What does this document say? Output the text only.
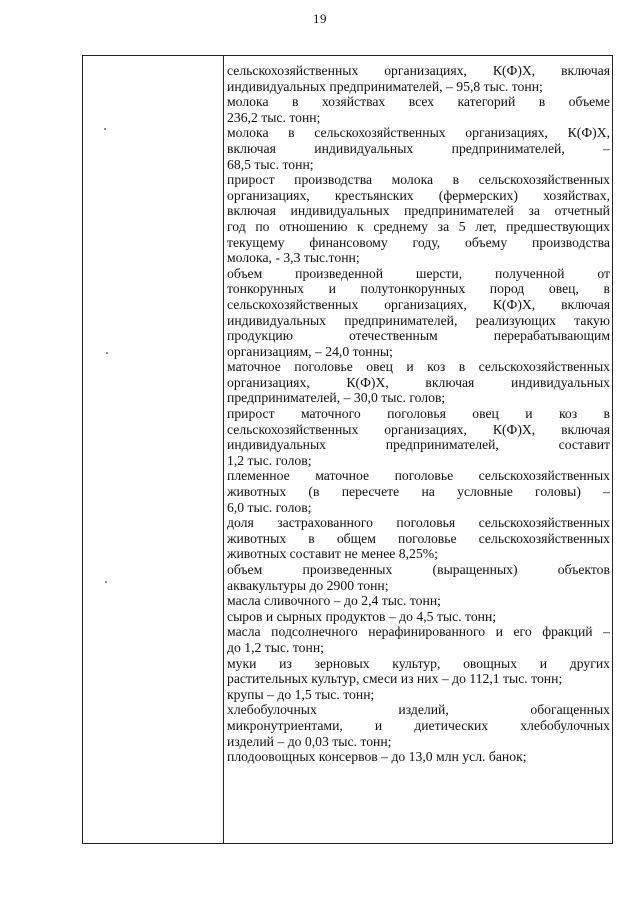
19
сельскохозяйственных организациях, К(Ф)Х, включая
индивидуальных предпринимателей, – 95,8 тыс. тонн;
молока в хозяйствах всех категорий в объеме
236,2 тыс. тонн;
молока в сельскохозяйственных организациях, К(Ф)Х,
включая индивидуальных предпринимателей, –
68,5 тыс. тонн;
прирост производства молока в сельскохозяйственных
организациях, крестьянских (фермерских) хозяйствах,
включая индивидуальных предпринимателей за отчетный
год по отношению к среднему за 5 лет, предшествующих
текущему финансовому году, объему производства
молока, - 3,3 тыс.тонн;
объем произведенной шерсти, полученной от
тонкорунных и полутонкорунных пород овец, в
сельскохозяйственных организациях, К(Ф)Х, включая
индивидуальных предпринимателей, реализующих такую
продукцию отечественным перерабатывающим
организациям, – 24,0 тонны;
маточное поголовье овец и коз в сельскохозяйственных
организациях, К(Ф)Х, включая индивидуальных
предпринимателей, – 30,0 тыс. голов;
прирост маточного поголовья овец и коз в
сельскохозяйственных организациях, К(Ф)Х, включая
индивидуальных предпринимателей, составит
1,2 тыс. голов;
племенное маточное поголовье сельскохозяйственных
животных (в пересчете на условные головы) –
6,0 тыс. голов;
доля застрахованного поголовья сельскохозяйственных
животных в общем поголовье сельскохозяйственных
животных составит не менее 8,25%;
объем произведенных (выращенных) объектов
аквакультуры до 2900 тонн;
масла сливочного – до 2,4 тыс. тонн;
сыров и сырных продуктов – до 4,5 тыс. тонн;
масла подсолнечного нерафинированного и его фракций –
до 1,2 тыс. тонн;
муки из зерновых культур, овощных и других
растительных культур, смеси из них – до 112,1 тыс. тонн;
крупы – до 1,5 тыс. тонн;
хлебобулочных изделий, обогащенных
микронутриентами, и диетических хлебобулочных
изделий – до 0,03 тыс. тонн;
плодоовощных консервов – до 13,0 млн усл. банок;
